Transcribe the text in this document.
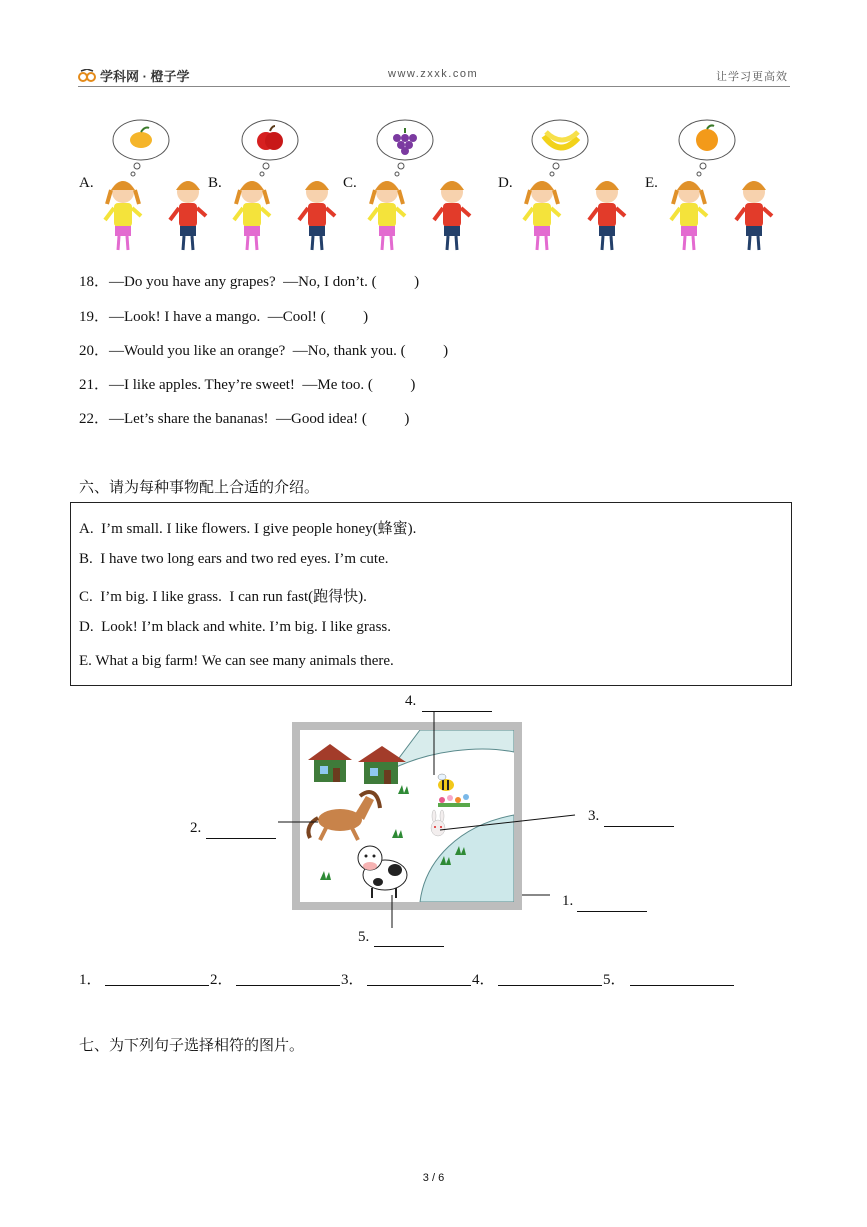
学科网 · 橙子学	www.zxxk.com	让学习更高效
A.	B.	C.	D.	E.
18．—Do you have any grapes?  —No, I don’t. (          )
19．—Look! I have a mango.  —Cool! (          )
20．—Would you like an orange?  —No, thank you. (          )
21．—I like apples. They’re sweet!  —Me too. (          )
22．—Let’s share the bananas!  —Good idea! (          )
六、请为每种事物配上合适的介绍。
A.  I’m small. I like flowers. I give people honey(蜂蜜).
B.  I have two long ears and two red eyes. I’m cute.
C.  I’m big. I like grass.  I can run fast(跑得快).
D.  Look! I’m black and white. I’m big. I like grass.
E. What a big farm! We can see many animals there.
4.
2.
3.
1.
5.
1．	2．	3．	4．	5．
七、为下列句子选择相符的图片。
3 / 6
